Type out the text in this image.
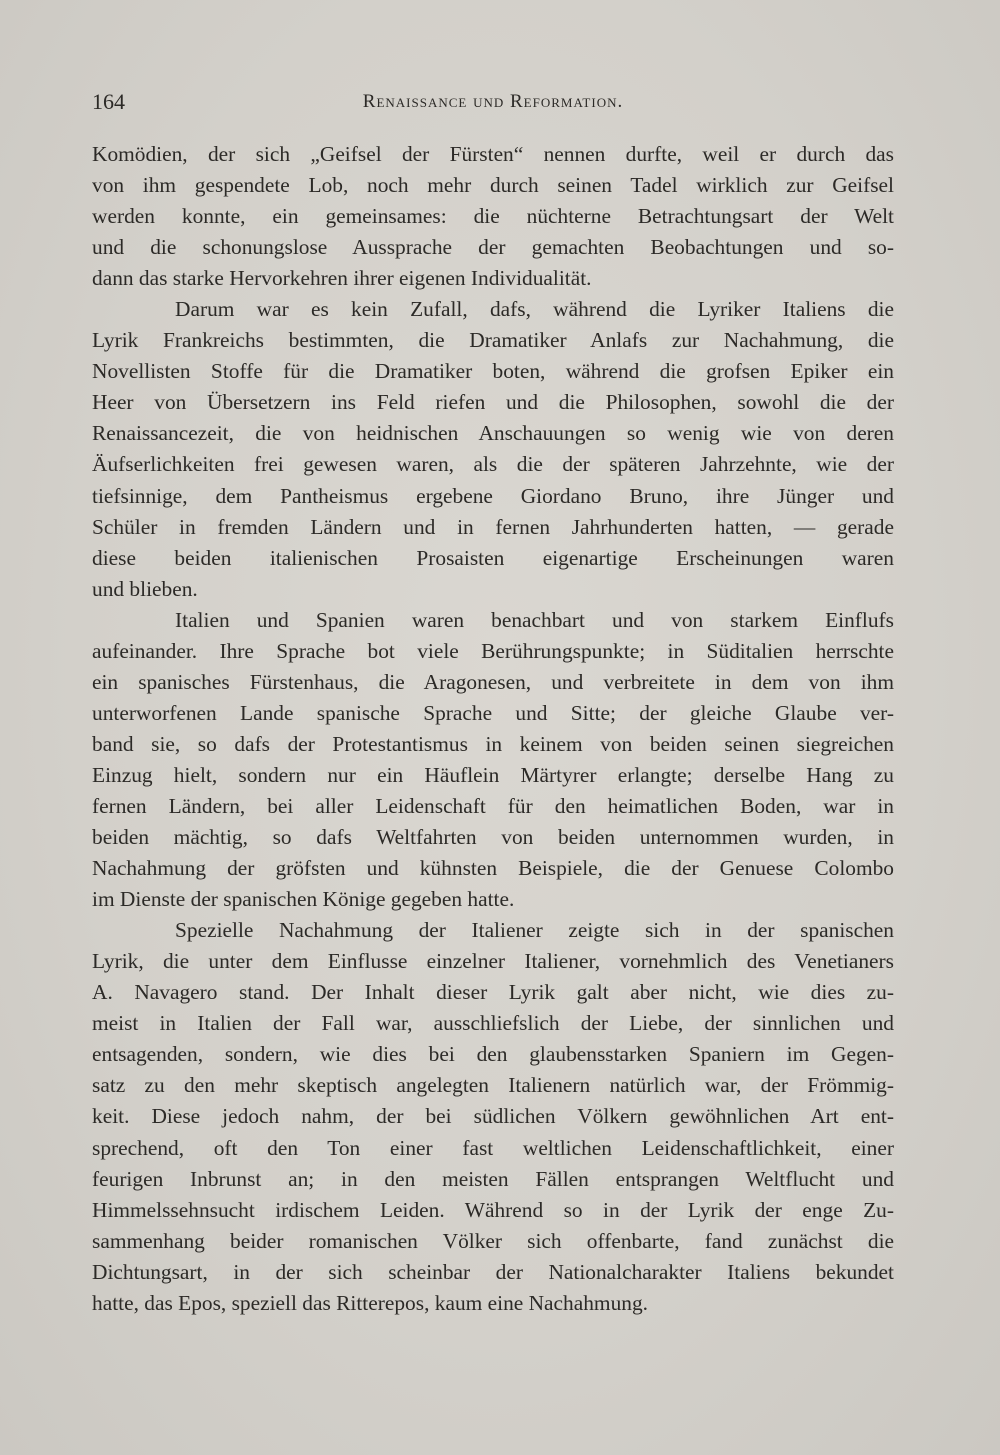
164	Renaissance und Reformation.
Komödien, der sich „Geifsel der Fürsten“ nennen durfte, weil er durch das
von ihm gespendete Lob, noch mehr durch seinen Tadel wirklich zur Geifsel
werden konnte, ein gemeinsames: die nüchterne Betrachtungsart der Welt
und die schonungslose Aussprache der gemachten Beobachtungen und so-
dann das starke Hervorkehren ihrer eigenen Individualität.
Darum war es kein Zufall, dafs, während die Lyriker Italiens die
Lyrik Frankreichs bestimmten, die Dramatiker Anlafs zur Nachahmung, die
Novellisten Stoffe für die Dramatiker boten, während die grofsen Epiker ein
Heer von Übersetzern ins Feld riefen und die Philosophen, sowohl die der
Renaissancezeit, die von heidnischen Anschauungen so wenig wie von deren
Äufserlichkeiten frei gewesen waren, als die der späteren Jahrzehnte, wie der
tiefsinnige, dem Pantheismus ergebene Giordano Bruno, ihre Jünger und
Schüler in fremden Ländern und in fernen Jahrhunderten hatten, — gerade
diese beiden italienischen Prosaisten eigenartige Erscheinungen waren
und blieben.
Italien und Spanien waren benachbart und von starkem Einflufs
aufeinander. Ihre Sprache bot viele Berührungspunkte; in Süditalien herrschte
ein spanisches Fürstenhaus, die Aragonesen, und verbreitete in dem von ihm
unterworfenen Lande spanische Sprache und Sitte; der gleiche Glaube ver-
band sie, so dafs der Protestantismus in keinem von beiden seinen siegreichen
Einzug hielt, sondern nur ein Häuflein Märtyrer erlangte; derselbe Hang zu
fernen Ländern, bei aller Leidenschaft für den heimatlichen Boden, war in
beiden mächtig, so dafs Weltfahrten von beiden unternommen wurden, in
Nachahmung der gröfsten und kühnsten Beispiele, die der Genuese Colombo
im Dienste der spanischen Könige gegeben hatte.
Spezielle Nachahmung der Italiener zeigte sich in der spanischen
Lyrik, die unter dem Einflusse einzelner Italiener, vornehmlich des Venetianers
A. Navagero stand. Der Inhalt dieser Lyrik galt aber nicht, wie dies zu-
meist in Italien der Fall war, ausschliefslich der Liebe, der sinnlichen und
entsagenden, sondern, wie dies bei den glaubensstarken Spaniern im Gegen-
satz zu den mehr skeptisch angelegten Italienern natürlich war, der Frömmig-
keit. Diese jedoch nahm, der bei südlichen Völkern gewöhnlichen Art ent-
sprechend, oft den Ton einer fast weltlichen Leidenschaftlichkeit, einer
feurigen Inbrunst an; in den meisten Fällen entsprangen Weltflucht und
Himmelssehnsucht irdischem Leiden. Während so in der Lyrik der enge Zu-
sammenhang beider romanischen Völker sich offenbarte, fand zunächst die
Dichtungsart, in der sich scheinbar der Nationalcharakter Italiens bekundet
hatte, das Epos, speziell das Ritterepos, kaum eine Nachahmung.
